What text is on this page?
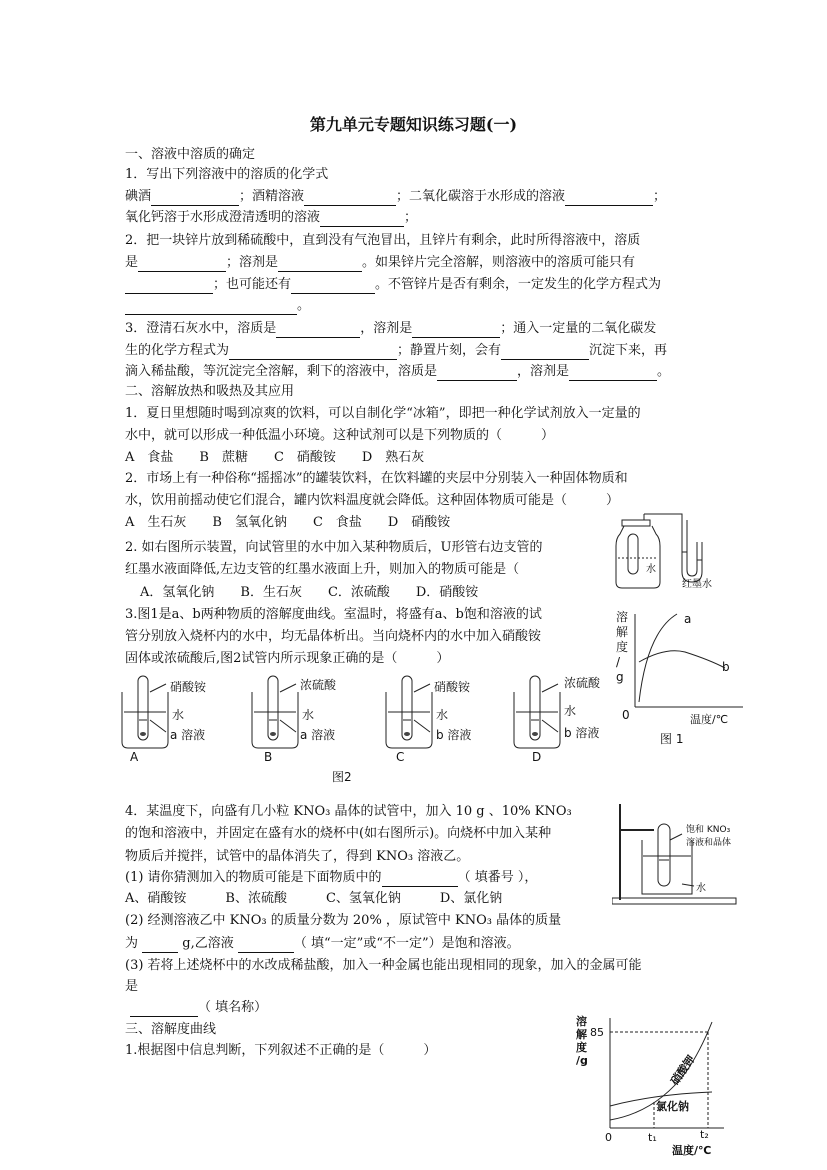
第九单元专题知识练习题(一)
一、溶液中溶质的确定
1．写出下列溶液中的溶质的化学式
碘酒	；酒精溶液	；二氧化碳溶于水形成的溶液	；
氧化钙溶于水形成澄清透明的溶液	；
2．把一块锌片放到稀硫酸中，直到没有气泡冒出，且锌片有剩余，此时所得溶液中，溶质
是	；溶剂是	。如果锌片完全溶解，则溶液中的溶质可能只有
；也可能还有	。不管锌片是否有剩余，一定发生的化学方程式为
。
3．澄清石灰水中，溶质是	，溶剂是	；通入一定量的二氧化碳发
生的化学方程式为	；静置片刻，会有	沉淀下来，再
滴入稀盐酸，等沉淀完全溶解，剩下的溶液中，溶质是	，溶剂是	。
二、溶解放热和吸热及其应用
1．夏日里想随时喝到凉爽的饮料，可以自制化学“冰箱”，即把一种化学试剂放入一定量的
水中，就可以形成一种低温小环境。这种试剂可以是下列物质的（　　　）
A　食盐　　B　蔗糖　　C　硝酸铵　　D　熟石灰
2．市场上有一种俗称“摇摇冰”的罐装饮料，在饮料罐的夹层中分别装入一种固体物质和
水，饮用前摇动使它们混合，罐内饮料温度就会降低。这种固体物质可能是（　　　）
A　生石灰　　B　氢氧化钠　　C　食盐　　D　硝酸铵
2. 如右图所示装置，向试管里的水中加入某种物质后，U形管右边支管的
红墨水液面降低,左边支管的红墨水液面上升，则加入的物质可能是（
A．氢氧化钠　　B．生石灰　　C．浓硫酸　　D．硝酸铵
水
红墨水
3.图1是a、b两种物质的溶解度曲线。室温时，将盛有a、b饱和溶液的试
管分别放入烧杯内的水中，均无晶体析出。当向烧杯内的水中加入硝酸铵
固体或浓硫酸后,图2试管内所示现象正确的是（　　　）
溶
解
度
/
g
a
b
0	温度/℃
图 1
硝酸铵
水
a 溶液
A
浓硫酸
水
a 溶液
B
硝酸铵
水
b 溶液
C
浓硫酸
水
b 溶液
D
图2
4．某温度下，向盛有几小粒 KNO₃ 晶体的试管中，加入 10 g 、10% KNO₃
的饱和溶液中，并固定在盛有水的烧杯中(如右图所示)。向烧杯中加入某种
物质后并搅拌，试管中的晶体消失了，得到 KNO₃ 溶液乙。
(1) 请你猜测加入的物质可能是下面物质中的	（ 填番号 ），
A、硝酸铵　　　B、浓硫酸　　　C、氢氧化钠　　　D、氯化钠
(2) 经测溶液乙中 KNO₃ 的质量分数为 20% ，原试管中 KNO₃ 晶体的质量
为	g,乙溶液	（ 填“一定”或“不一定”）是饱和溶液。
(3) 若将上述烧杯中的水改成稀盐酸，加入一种金属也能出现相同的现象，加入的金属可能
是
（ 填名称）
饱和 KNO₃
溶液和晶体
水
三、溶解度曲线
1.根据图中信息判断，下列叙述不正确的是（　　　）
溶
解
度
/g
85
硝酸钾
氯化钠
0	t₁	t₂
温度/℃
